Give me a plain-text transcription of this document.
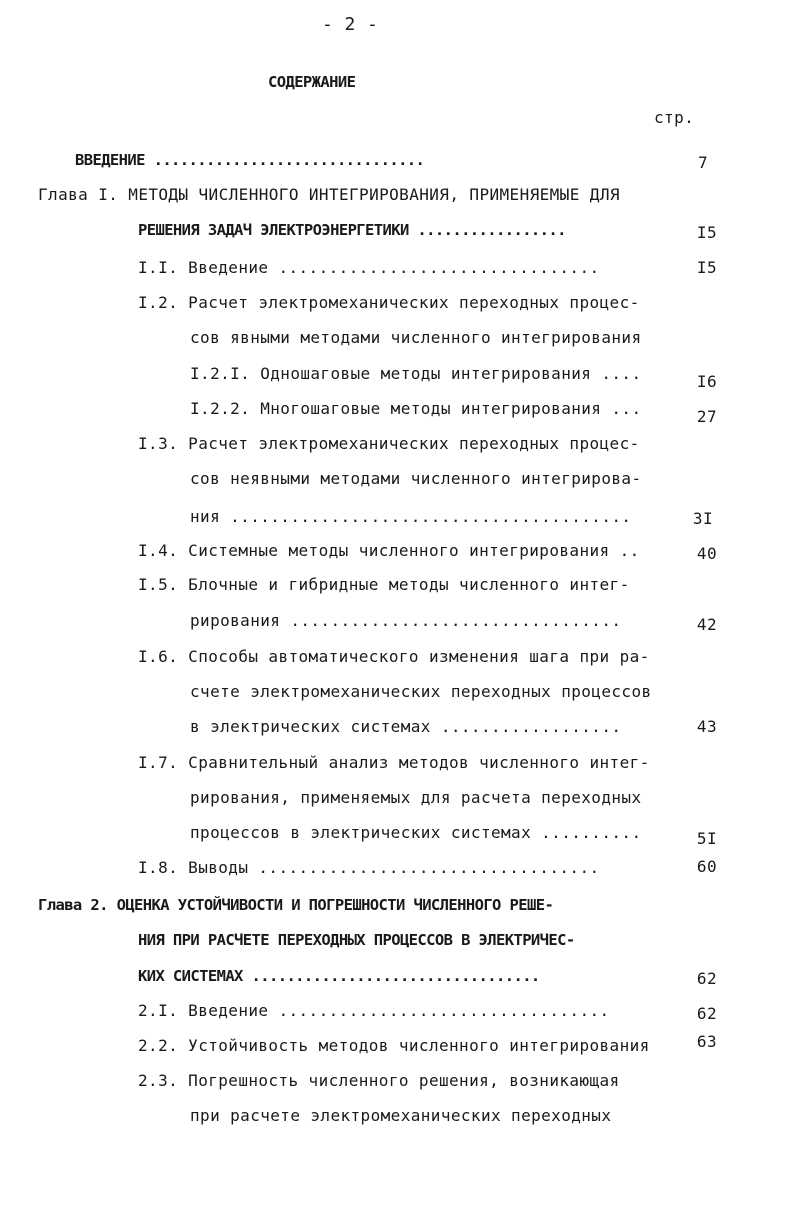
- 2 -
СОДЕРЖАНИЕ
стр.
ВВЕДЕНИЕ ...............................	7
Глава I. МЕТОДЫ ЧИСЛЕННОГО ИНТЕГРИРОВАНИЯ, ПРИМЕНЯЕМЫЕ ДЛЯ
РЕШЕНИЯ ЗАДАЧ ЭЛЕКТРОЭНЕРГЕТИКИ .................	I5
I.I. Введение ................................	I5
I.2. Расчет электромеханических переходных процес-
сов явными методами численного интегрирования
I.2.I. Одношаговые методы интегрирования ....	I6
I.2.2. Многошаговые методы интегрирования ...	27
I.3. Расчет электромеханических переходных процес-
сов неявными методами численного интегрирова-
ния ........................................	3I
I.4. Системные методы численного интегрирования ..	40
I.5. Блочные и гибридные методы численного интег-
рирования .................................	42
I.6. Способы автоматического изменения шага при ра-
счете электромеханических переходных процессов
в электрических системах ..................	43
I.7. Сравнительный анализ методов численного интег-
рирования, применяемых для расчета переходных
процессов в электрических системах ..........	5I
I.8. Выводы ..................................	60
Глава 2. ОЦЕНКА УСТОЙЧИВОСТИ И ПОГРЕШНОСТИ ЧИСЛЕННОГО РЕШЕ-
НИЯ ПРИ РАСЧЕТЕ ПЕРЕХОДНЫХ ПРОЦЕССОВ В ЭЛЕКТРИЧЕС-
КИХ СИСТЕМАХ .................................	62
2.I. Введение .................................	62
2.2. Устойчивость методов численного интегрирования	63
2.3. Погрешность численного решения, возникающая
при расчете электромеханических переходных
